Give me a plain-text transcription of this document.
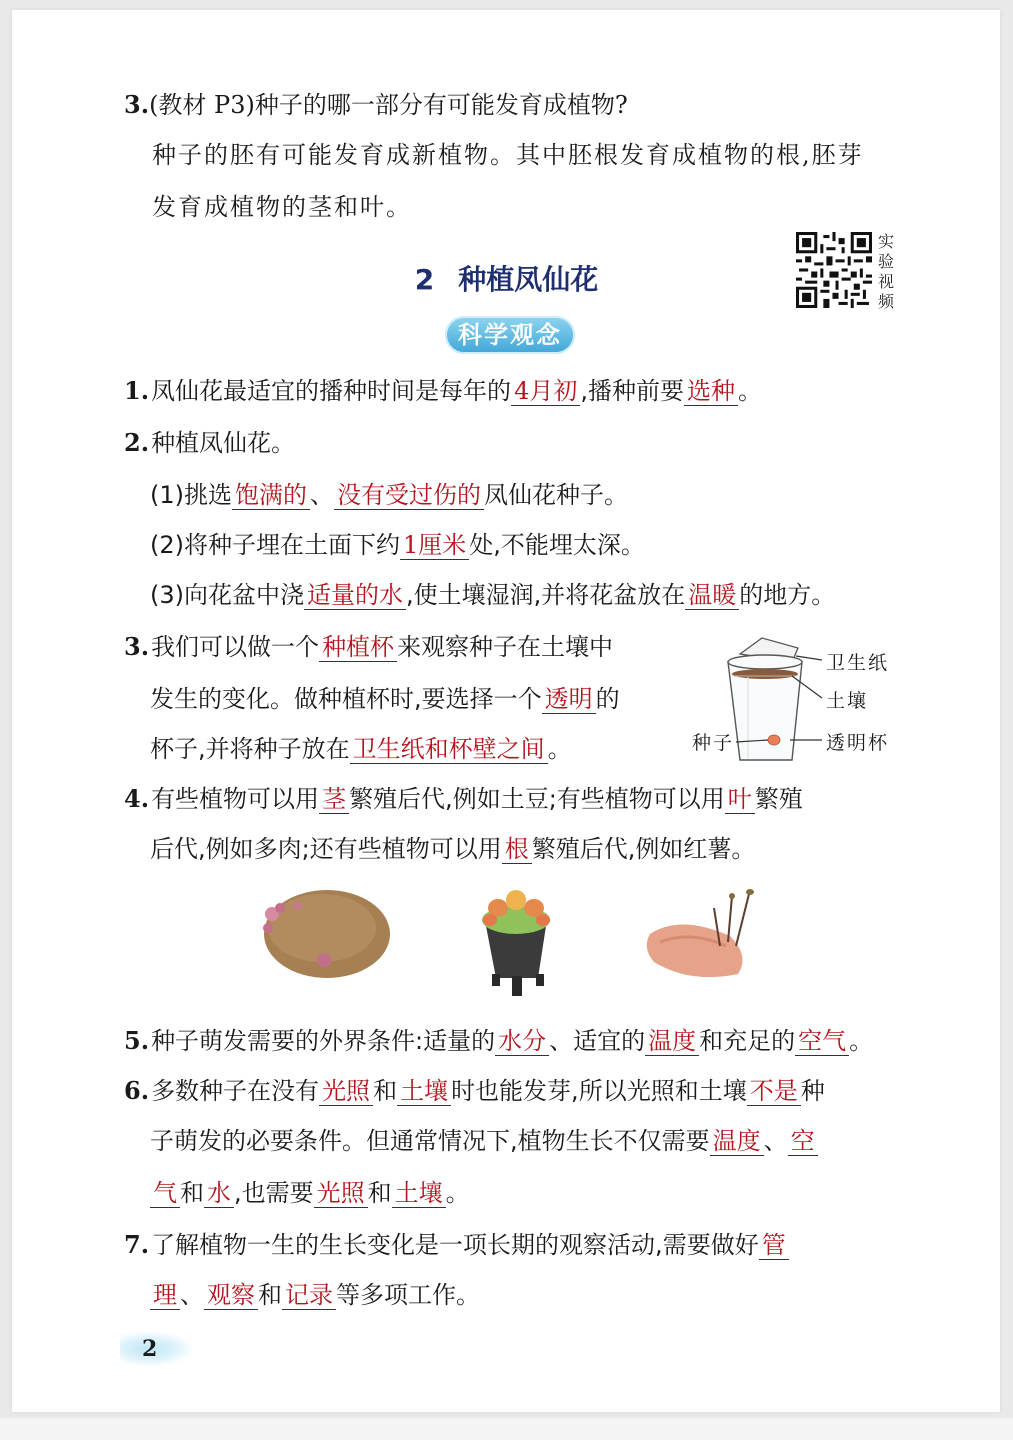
3.(教材 P3)种子的哪一部分有可能发育成植物?
种子的胚有可能发育成新植物。其中胚根发育成植物的根,胚芽
发育成植物的茎和叶。
实验视频
2 种植凤仙花
科学观念
1.凤仙花最适宜的播种时间是每年的 4月初 ,播种前要 选种 。
2.种植凤仙花。
(1)挑选 饱满的 、 没有受过伤的 凤仙花种子。
(2)将种子埋在土面下约 1厘米 处,不能埋太深。
(3)向花盆中浇 适量的水 ,使土壤湿润,并将花盆放在 温暖 的地方。
3.我们可以做一个 种植杯 来观察种子在土壤中
发生的变化。做种植杯时,要选择一个 透明 的
杯子,并将种子放在 卫生纸和杯壁之间 。
卫生纸
土壤
透明杯
种子
4.有些植物可以用 茎 繁殖后代,例如土豆;有些植物可以用 叶 繁殖
后代,例如多肉;还有些植物可以用 根 繁殖后代,例如红薯。
5.种子萌发需要的外界条件:适量的 水分 、适宜的 温度 和充足的 空气 。
6.多数种子在没有 光照 和 土壤 时也能发芽,所以光照和土壤 不是 种
子萌发的必要条件。但通常情况下,植物生长不仅需要 温度 、 空
气 和 水 ,也需要 光照 和 土壤 。
7.了解植物一生的生长变化是一项长期的观察活动,需要做好 管
理 、 观察 和 记录 等多项工作。
2
